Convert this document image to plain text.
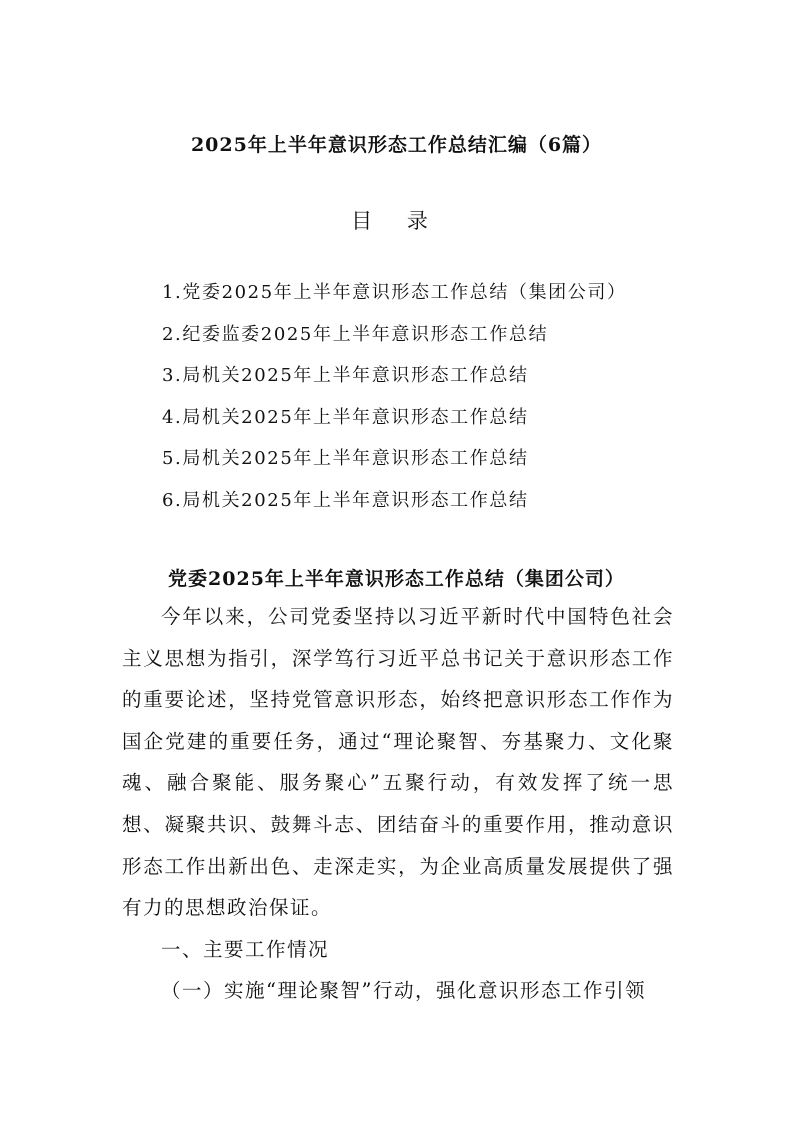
2025年上半年意识形态工作总结汇编（6篇）
目 录
1.党委2025年上半年意识形态工作总结（集团公司）
2.纪委监委2025年上半年意识形态工作总结
3.局机关2025年上半年意识形态工作总结
4.局机关2025年上半年意识形态工作总结
5.局机关2025年上半年意识形态工作总结
6.局机关2025年上半年意识形态工作总结
党委2025年上半年意识形态工作总结（集团公司）

今年以来，公司党委坚持以习近平新时代中国特色社会主义思想为指引，深学笃行习近平总书记关于意识形态工作的重要论述，坚持党管意识形态，始终把意识形态工作作为国企党建的重要任务，通过“理论聚智、夯基聚力、文化聚魂、融合聚能、服务聚心”五聚行动，有效发挥了统一思想、凝聚共识、鼓舞斗志、团结奋斗的重要作用，推动意识形态工作出新出色、走深走实，为企业高质量发展提供了强有力的思想政治保证。

一、主要工作情况

（一）实施“理论聚智”行动，强化意识形态工作引领
